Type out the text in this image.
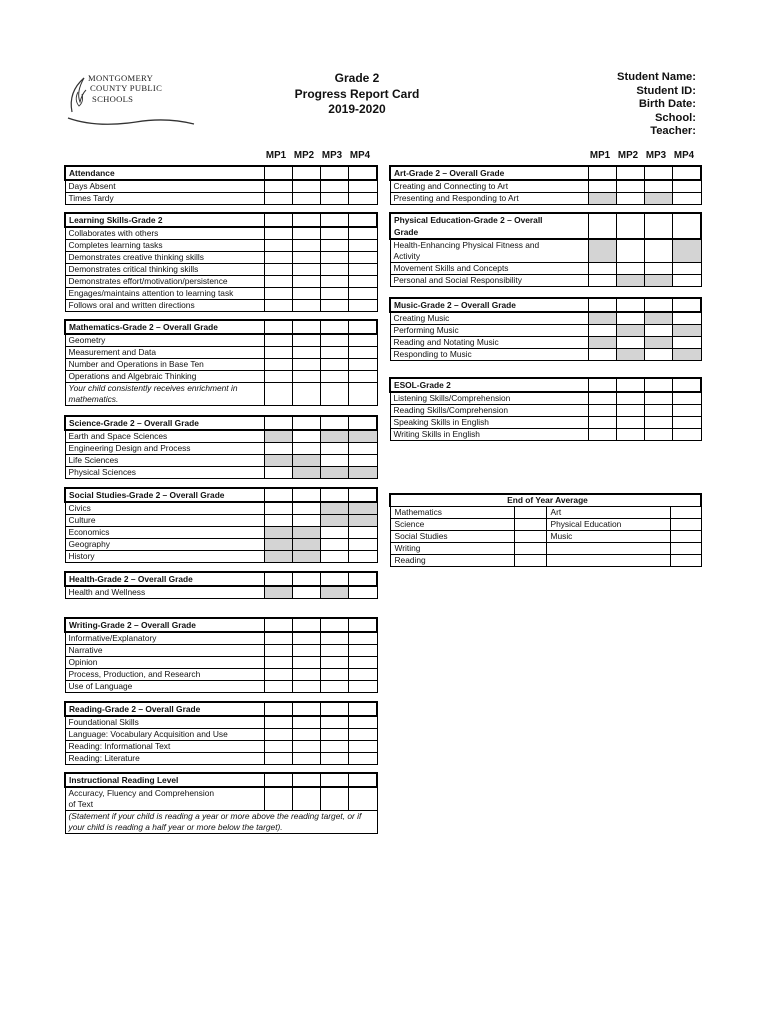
MONTGOMERY
COUNTY PUBLIC
SCHOOLS
Grade 2
Progress Report Card
2019-2020
Student Name:
Student ID:
Birth Date:
School:
Teacher:
MP1 MP2 MP3 MP4	MP1 MP2 MP3 MP4
Attendance				
Days Absent				
Times Tardy				
Learning Skills-Grade 2				
Collaborates with others				
Completes learning tasks				
Demonstrates creative thinking skills				
Demonstrates critical thinking skills				
Demonstrates effort/motivation/persistence				
Engages/maintains attention to learning task				
Follows oral and written directions				
Mathematics-Grade 2 – Overall Grade				
Geometry				
Measurement and Data				
Number and Operations in Base Ten				
Operations and Algebraic Thinking				
Your child consistently receives enrichment in mathematics.				
Science-Grade 2 – Overall Grade				
Earth and Space Sciences				
Engineering Design and Process				
Life Sciences				
Physical Sciences				
Social Studies-Grade 2 – Overall Grade				
Civics				
Culture				
Economics				
Geography				
History				
Health-Grade 2 – Overall Grade				
Health and Wellness				
Writing-Grade 2 – Overall Grade				
Informative/Explanatory				
Narrative				
Opinion				
Process, Production, and Research				
Use of Language				
Reading-Grade 2 – Overall Grade				
Foundational Skills				
Language: Vocabulary Acquisition and Use				
Reading: Informational Text				
Reading: Literature				
Instructional Reading Level				

Accuracy, Fluency and Comprehension
of Text				

(Statement if your child is reading a year or more above the reading target, or if your child is reading a half year or more below the target).				
Art-Grade 2 – Overall Grade				
Creating and Connecting to Art				
Presenting and Responding to Art				
Physical Education-Grade 2 – Overall
Grade				

Health-Enhancing Physical Fitness and
Activity				

Movement Skills and Concepts				
Personal and Social Responsibility				
Music-Grade 2 – Overall Grade				
Creating Music				
Performing Music				
Reading and Notating Music				
Responding to Music				
ESOL-Grade 2				
Listening Skills/Comprehension				
Reading Skills/Comprehension				
Speaking Skills in English				
Writing Skills in English				
End of Year Average			
Mathematics		Art	
Science		Physical Education	
Social Studies		Music	
Writing			
Reading			
